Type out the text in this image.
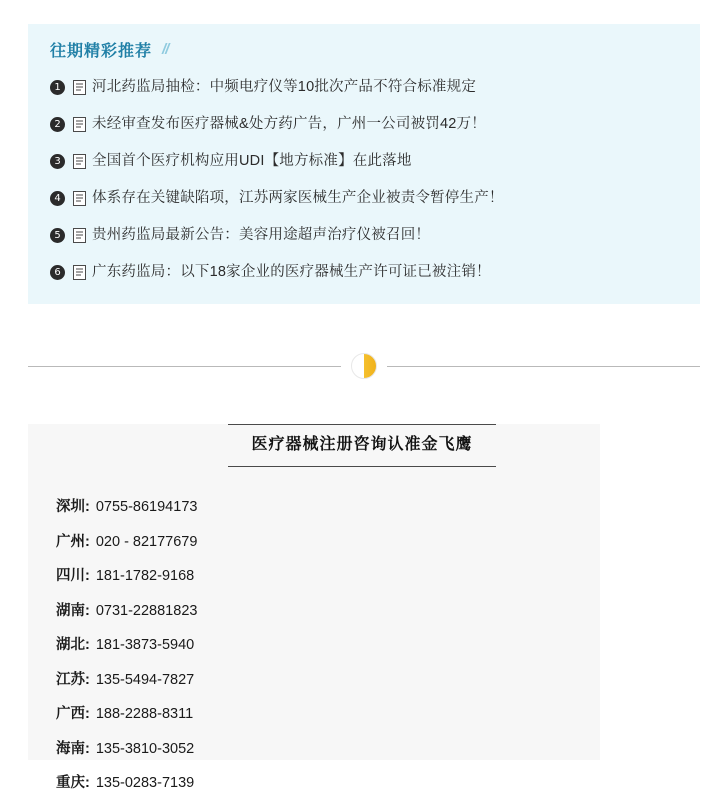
往期精彩推荐 //
1 河北药监局抽检：中频电疗仪等10批次产品不符合标准规定
2 未经审查发布医疗器械&处方药广告，广州一公司被罚42万！
3 全国首个医疗机构应用UDI【地方标准】在此落地
4 体系存在关键缺陷项，江苏两家医械生产企业被责令暂停生产！
5 贵州药监局最新公告：美容用途超声治疗仪被召回！
6 广东药监局：以下18家企业的医疗器械生产许可证已被注销！
医疗器械注册咨询认准金飞鹰
深圳: 0755-86194173
广州: 020 - 82177679
四川: 181-1782-9168
湖南: 0731-22881823
湖北: 181-3873-5940
江苏: 135-5494-7827
广西: 188-2288-8311
海南: 135-3810-3052
重庆: 135-0283-7139
